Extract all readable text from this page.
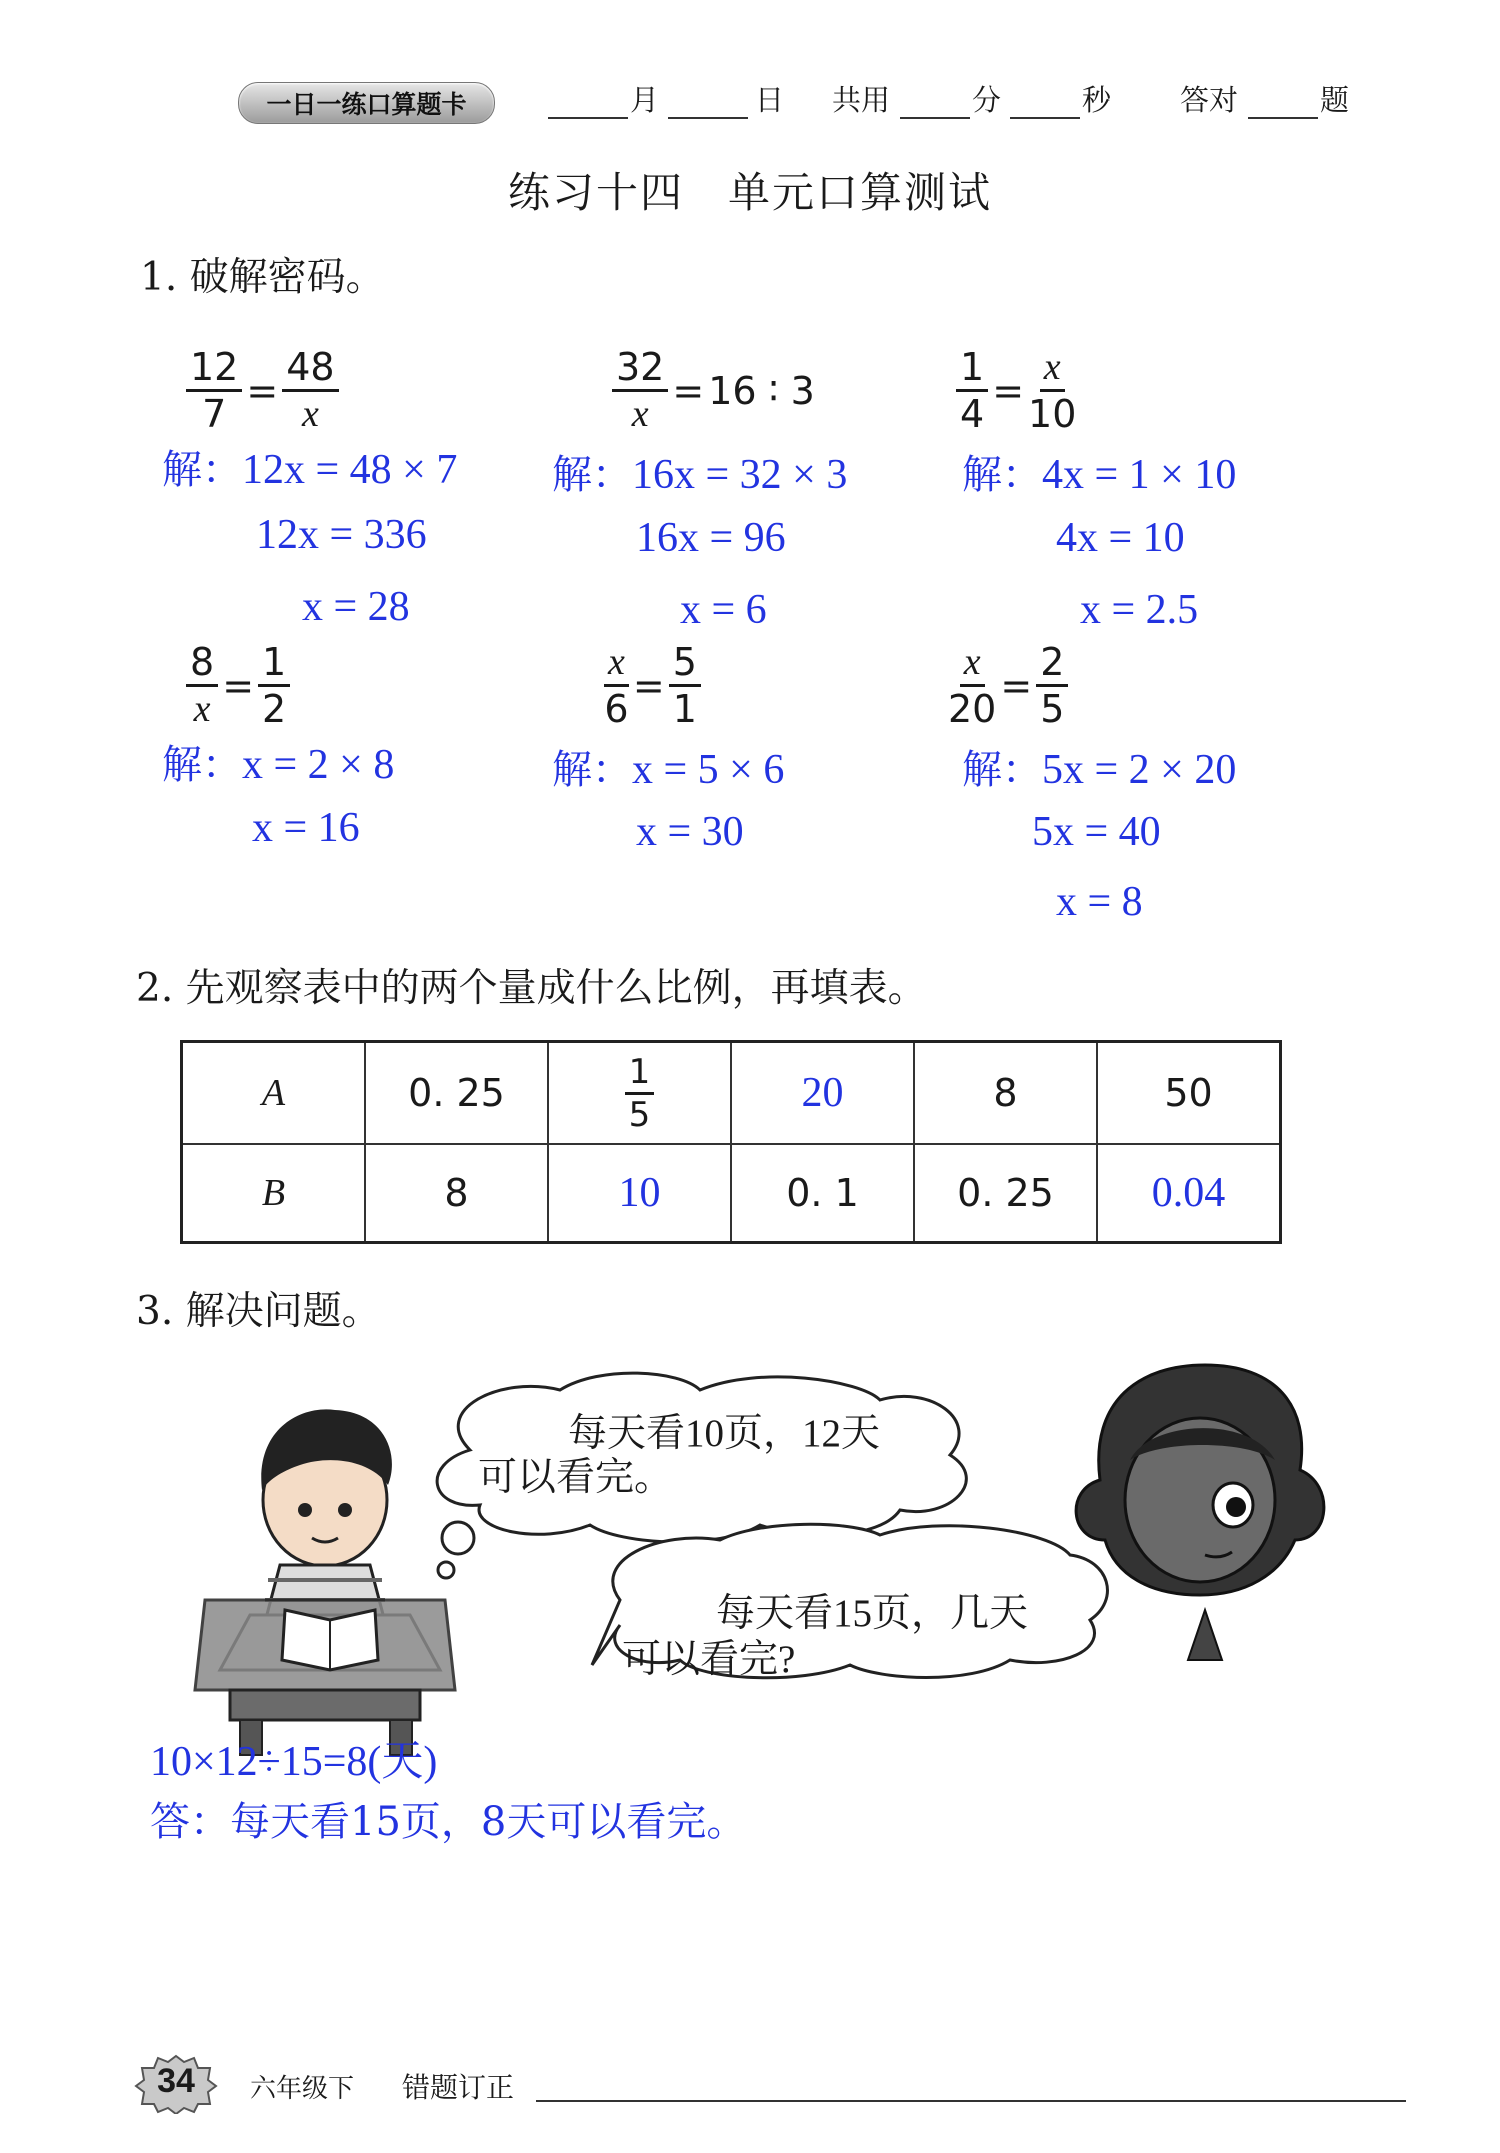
一日一练口算题卡	月	日 共用	分	秒 答对	题
练习十四　单元口算测试
1. 破解密码。
$\frac{12}{7} = \frac{48}{x}$
解：12x = 48 × 7
12x = 336
x = 28
$\frac{32}{x} = 16$ ∶ 3
解：16x = 32 × 3
16x = 96
x = 6
$\frac{1}{4} = \frac{x}{10}$
解：4x = 1 × 10
4x = 10
x = 2.5
$\frac{8}{x} = \frac{1}{2}$
解：x = 2 × 8
x = 16
$\frac{x}{6} = \frac{5}{1}$
解：x = 5 × 6
x = 30
$\frac{x}{20} = \frac{2}{5}$
解：5x = 2 × 20
5x = 40
x = 8
2. 先观察表中的两个量成什么比例，再填表。
A	0. 25	$\frac{1}{5}$	20	8	50
B	8	10	0. 1	0. 25	0.04
3. 解决问题。
每天看10页，12天
可以看完。
每天看15页，几天
可以看完?
10×12÷15=8(天)
答：每天看15页，8天可以看完。
34	六年级下 错题订正
